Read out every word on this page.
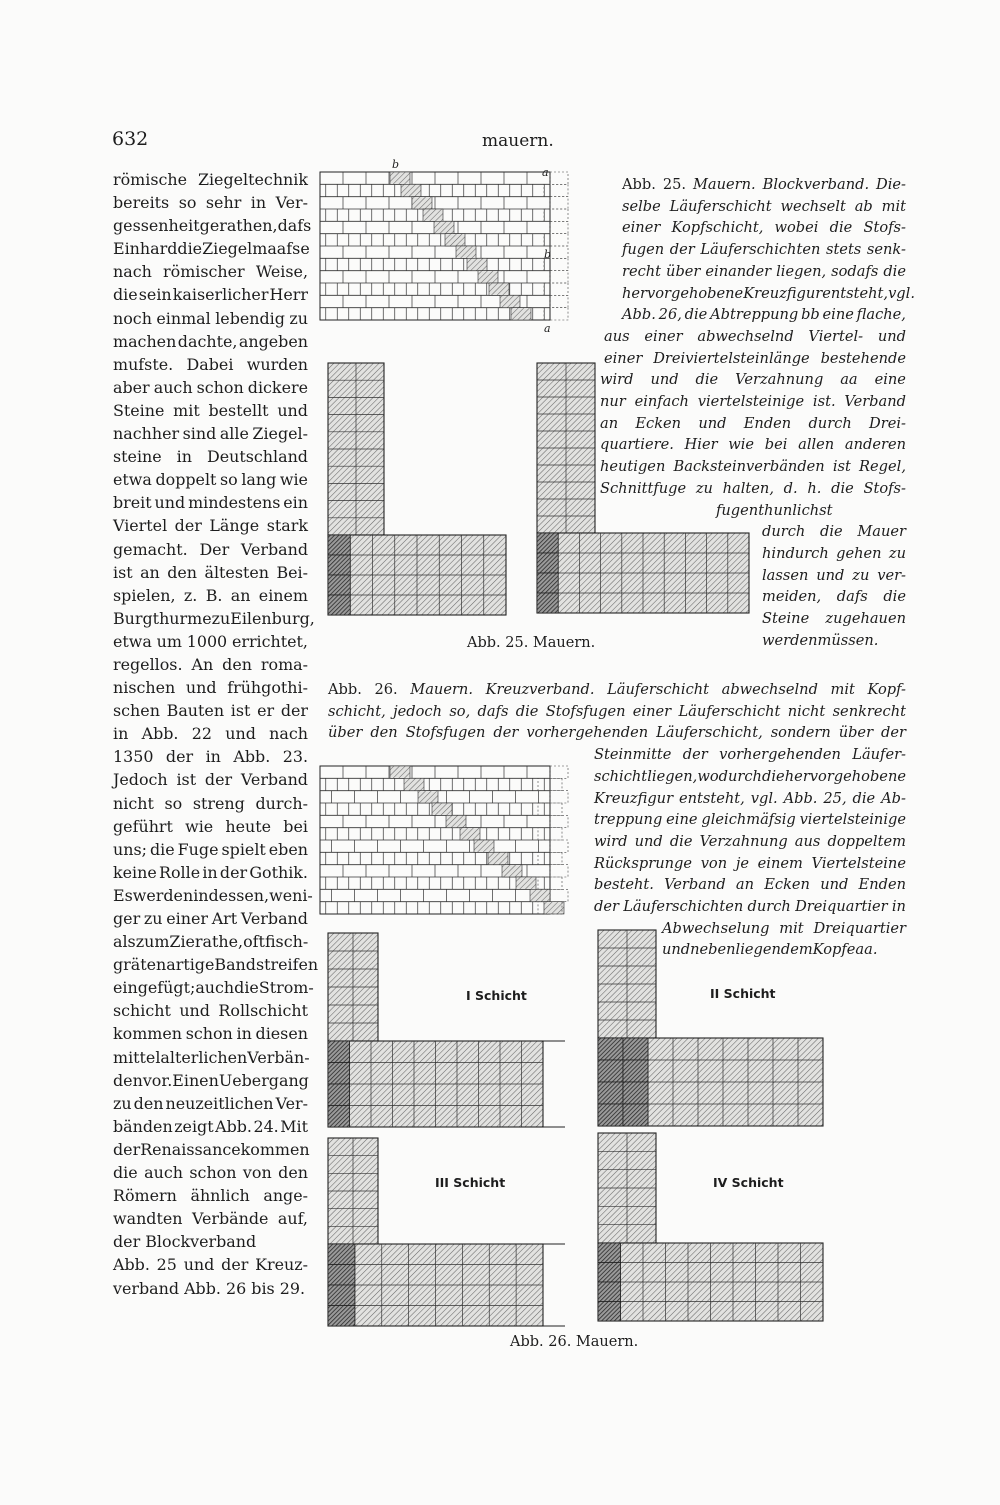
632	mauern.
römische Ziegeltechnik
bereits so sehr in Ver-
gessenheit gerathen, dafs
Einhard die Ziegelmaafse
nach römischer Weise,
die sein kaiserlicher Herr
noch einmal lebendig zu
machen dachte, angeben
mufste. Dabei wurden
aber auch schon dickere
Steine mit bestellt und
nachher sind alle Ziegel-
steine in Deutschland
etwa doppelt so lang wie
breit und mindestens ein
Viertel der Länge stark
gemacht. Der Verband
ist an den ältesten Bei-
spielen, z. B. an einem
Burgthurme zu Eilenburg,
etwa um 1000 errichtet,
regellos. An den roma-
nischen und frühgothi-
schen Bauten ist er der
in Abb. 22 und nach
1350 der in Abb. 23.
Jedoch ist der Verband
nicht so streng durch-
geführt wie heute bei
uns; die Fuge spielt eben
keine Rolle in der Gothik.
Es werden indessen, weni-
ger zu einer Art Verband
als zum Zierathe, oft fisch-
grätenartige Bandstreifen
eingefügt; auch die Strom-
schicht und Rollschicht
kommen schon in diesen
mittelalterlichen Verbän-
den vor. Einen Uebergang
zu den neuzeitlichen Ver-
bänden zeigt Abb. 24. Mit
der Renaissance kommen
die auch schon von den
Römern ähnlich ange-
wandten Verbände auf,
der Blockverband
Abb. 25 und der Kreuz-
verband Abb. 26 bis 29.
b
a
b
a
Abb. 25. Mauern. Blockverband. Die-
selbe Läuferschicht wechselt ab mit
einer Kopfschicht, wobei die Stofs-
fugen der Läuferschichten stets senk-
recht über einander liegen, sodafs die
hervorgehobene Kreuzfigur entsteht, vgl.
Abb. 26, die Abtreppung bb eine flache,
aus einer abwechselnd Viertel- und
einer Dreiviertelsteinlänge bestehende
wird und die Verzahnung aa eine
nur einfach viertelsteinige ist. Verband
an Ecken und Enden durch Drei-
quartiere. Hier wie bei allen anderen
heutigen Backsteinverbänden ist Regel,
Schnittfuge zu halten, d. h. die Stofs-
fugen thunlichst
durch die Mauer
hindurch gehen zu
lassen und zu ver-
meiden, dafs die
Steine zugehauen
werden müssen.
Abb. 25. Mauern.
Abb. 26. Mauern. Kreuzverband. Läuferschicht abwechselnd mit Kopf-
schicht, jedoch so, dafs die Stofsfugen einer Läuferschicht nicht senkrecht
über den Stofsfugen der vorhergehenden Läuferschicht, sondern über der
Steinmitte der vorhergehenden Läufer-
schicht liegen, wodurch die hervorgehobene
Kreuzfigur entsteht, vgl. Abb. 25, die Ab-
treppung eine gleichmäfsig viertelsteinige
wird und die Verzahnung aus doppeltem
Rücksprunge von je einem Viertelsteine
besteht. Verband an Ecken und Enden
der Läuferschichten durch Dreiquartier in
Abwechselung mit Dreiquartier
und nebenliegendem Kopfe a a.
I Schicht	II Schicht
III Schicht	IV Schicht
Abb. 26. Mauern.
